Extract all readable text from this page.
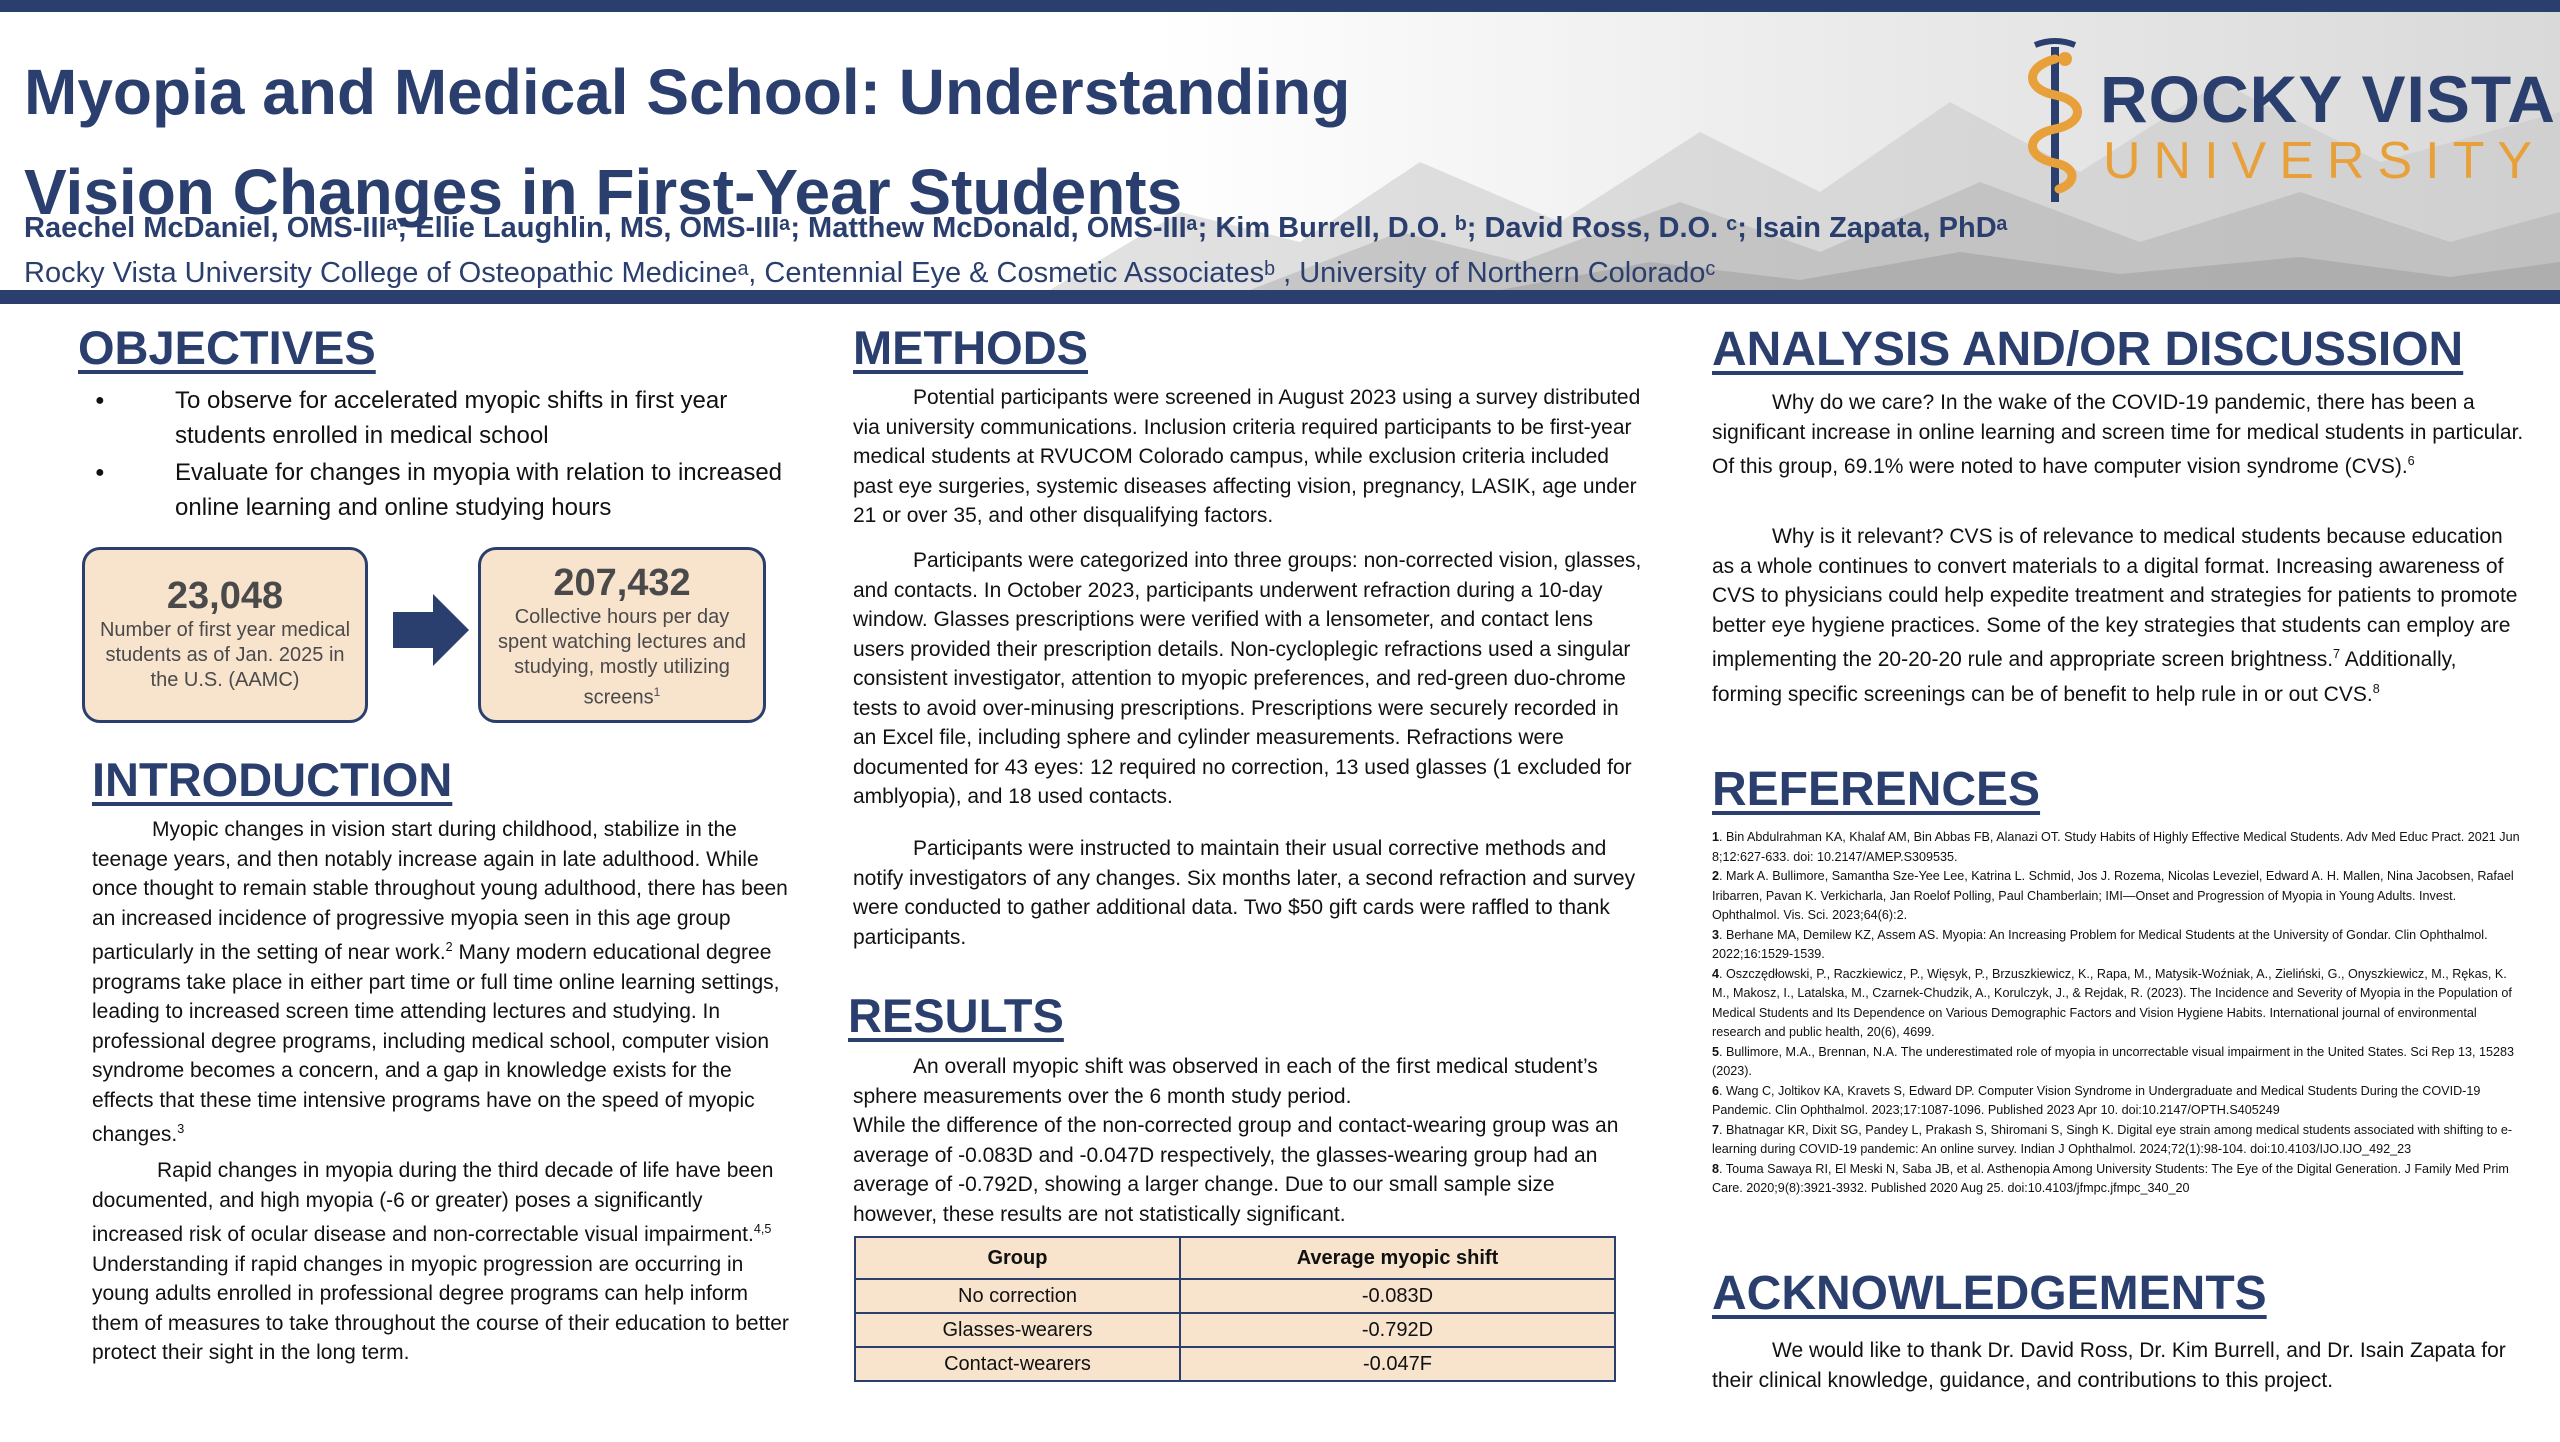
Myopia and Medical School: Understanding
Vision Changes in First-Year Students
Raechel McDaniel, OMS-IIIᵃ; Ellie Laughlin, MS, OMS-IIIᵃ; Matthew McDonald, OMS-IIIᵃ; Kim Burrell, D.O. ᵇ; David Ross, D.O. ᶜ; Isain Zapata, PhDᵃ
Rocky Vista University College of Osteopathic Medicineᵃ, Centennial Eye & Cosmetic Associatesᵇ , University of Northern Coloradoᶜ
ROCKY VISTA
UNIVERSITY
OBJECTIVES
● To observe for accelerated myopic shifts in first year students enrolled in medical school
● Evaluate for changes in myopia with relation to increased online learning and online studying hours
23,048
Number of first year medical students as of Jan. 2025 in the U.S. (AAMC)
207,432
Collective hours per day spent watching lectures and studying, mostly utilizing screens$^1$
INTRODUCTION

Myopic changes in vision start during childhood, stabilize in the teenage years, and then notably increase again in late adulthood. While once thought to remain stable throughout young adulthood, there has been an increased incidence of progressive myopia seen in this age group particularly in the setting of near work.$^2$ Many modern educational degree programs take place in either part time or full time online learning settings, leading to increased screen time attending lectures and studying. In professional degree programs, including medical school, computer vision syndrome becomes a concern, and a gap in knowledge exists for the effects that these time intensive programs have on the speed of myopic changes.$^3$

Rapid changes in myopia during the third decade of life have been documented, and high myopia (-6 or greater) poses a significantly increased risk of ocular disease and non-correctable visual impairment.$^{4,5}$ Understanding if rapid changes in myopic progression are occurring in young adults enrolled in professional degree programs can help inform them of measures to take throughout the course of their education to better protect their sight in the long term.

METHODS

Potential participants were screened in August 2023 using a survey distributed via university communications. Inclusion criteria required participants to be first-year medical students at RVUCOM Colorado campus, while exclusion criteria included past eye surgeries, systemic diseases affecting vision, pregnancy, LASIK, age under 21 or over 35, and other disqualifying factors.

Participants were categorized into three groups: non-corrected vision, glasses, and contacts. In October 2023, participants underwent refraction during a 10-day window. Glasses prescriptions were verified with a lensometer, and contact lens users provided their prescription details. Non-cycloplegic refractions used a singular consistent investigator, attention to myopic preferences, and red-green duo-chrome tests to avoid over-minusing prescriptions. Prescriptions were securely recorded in an Excel file, including sphere and cylinder measurements. Refractions were documented for 43 eyes: 12 required no correction, 13 used glasses (1 excluded for amblyopia), and 18 used contacts.

Participants were instructed to maintain their usual corrective methods and notify investigators of any changes. Six months later, a second refraction and survey were conducted to gather additional data. Two $50 gift cards were raffled to thank participants.

RESULTS

An overall myopic shift was observed in each of the first medical student’s sphere measurements over the 6 month study period.

While the difference of the non-corrected group and contact-wearing group was an average of -0.083D and -0.047D respectively, the glasses-wearing group had an average of -0.792D, showing a larger change. Due to our small sample size however, these results are not statistically significant.

Group	Average myopic shift
No correction	-0.083D
Glasses-wearers	-0.792D
Contact-wearers	-0.047F
ANALYSIS AND/OR DISCUSSION

Why do we care? In the wake of the COVID-19 pandemic, there has been a significant increase in online learning and screen time for medical students in particular. Of this group, 69.1% were noted to have computer vision syndrome (CVS).$^6$

Why is it relevant? CVS is of relevance to medical students because education as a whole continues to convert materials to a digital format. Increasing awareness of CVS to physicians could help expedite treatment and strategies for patients to promote better eye hygiene practices. Some of the key strategies that students can employ are implementing the 20-20-20 rule and appropriate screen brightness.$^7$ Additionally, forming specific screenings can be of benefit to help rule in or out CVS.$^8$

REFERENCES

1. Bin Abdulrahman KA, Khalaf AM, Bin Abbas FB, Alanazi OT. Study Habits of Highly Effective Medical Students. Adv Med Educ Pract. 2021 Jun 8;12:627-633. doi: 10.2147/AMEP.S309535.

2. Mark A. Bullimore, Samantha Sze-Yee Lee, Katrina L. Schmid, Jos J. Rozema, Nicolas Leveziel, Edward A. H. Mallen, Nina Jacobsen, Rafael Iribarren, Pavan K. Verkicharla, Jan Roelof Polling, Paul Chamberlain; IMI—Onset and Progression of Myopia in Young Adults. Invest. Ophthalmol. Vis. Sci. 2023;64(6):2.

3. Berhane MA, Demilew KZ, Assem AS. Myopia: An Increasing Problem for Medical Students at the University of Gondar. Clin Ophthalmol. 2022;16:1529-1539.

4. Oszczędłowski, P., Raczkiewicz, P., Więsyk, P., Brzuszkiewicz, K., Rapa, M., Matysik-Woźniak, A., Zieliński, G., Onyszkiewicz, M., Rękas, K. M., Makosz, I., Latalska, M., Czarnek-Chudzik, A., Korulczyk, J., & Rejdak, R. (2023). The Incidence and Severity of Myopia in the Population of Medical Students and Its Dependence on Various Demographic Factors and Vision Hygiene Habits. International journal of environmental research and public health, 20(6), 4699.

5. Bullimore, M.A., Brennan, N.A. The underestimated role of myopia in uncorrectable visual impairment in the United States. Sci Rep 13, 15283 (2023).

6. Wang C, Joltikov KA, Kravets S, Edward DP. Computer Vision Syndrome in Undergraduate and Medical Students During the COVID-19 Pandemic. Clin Ophthalmol. 2023;17:1087-1096. Published 2023 Apr 10. doi:10.2147/OPTH.S405249

7. Bhatnagar KR, Dixit SG, Pandey L, Prakash S, Shiromani S, Singh K. Digital eye strain among medical students associated with shifting to e-learning during COVID-19 pandemic: An online survey. Indian J Ophthalmol. 2024;72(1):98-104. doi:10.4103/IJO.IJO_492_23

8. Touma Sawaya RI, El Meski N, Saba JB, et al. Asthenopia Among University Students: The Eye of the Digital Generation. J Family Med Prim Care. 2020;9(8):3921-3932. Published 2020 Aug 25. doi:10.4103/jfmpc.jfmpc_340_20

ACKNOWLEDGEMENTS

We would like to thank Dr. David Ross, Dr. Kim Burrell, and Dr. Isain Zapata for their clinical knowledge, guidance, and contributions to this project.
